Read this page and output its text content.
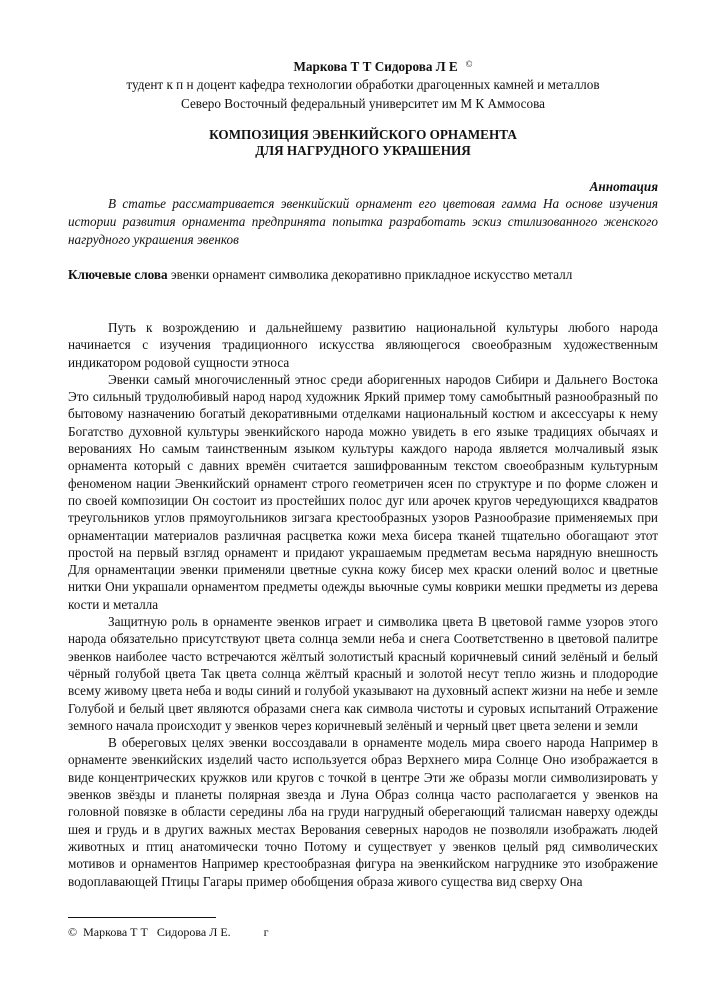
Маркова Т Т Сидорова Л Е ©
тудент к п н доцент кафедра технологии обработки драгоценных камней и металлов
Северо Восточный федеральный университет им М К Аммосова
КОМПОЗИЦИЯ ЭВЕНКИЙСКОГО ОРНАМЕНТА
ДЛЯ НАГРУДНОГО УКРАШЕНИЯ
Аннотация
В статье рассматривается эвенкийский орнамент его цветовая гамма На основе изучения истории развития орнамента предпринята попытка разработать эскиз стилизованного женского нагрудного украшения эвенков
Ключевые слова эвенки орнамент символика декоративно прикладное искусство металл

Путь к возрождению и дальнейшему развитию национальной культуры любого народа начинается с изучения традиционного искусства являющегося своеобразным художественным индикатором родовой сущности этноса

Эвенки самый многочисленный этнос среди аборигенных народов Сибири и Дальнего Востока Это сильный трудолюбивый народ народ художник Яркий пример тому самобытный разнообразный по бытовому назначению богатый декоративными отделками национальный костюм и аксессуары к нему Богатство духовной культуры эвенкийского народа можно увидеть в его языке традициях обычаях и верованиях Но самым таинственным языком культуры каждого народа является молчаливый язык орнамента который с давних времён считается зашифрованным текстом своеобразным культурным феноменом нации Эвенкийский орнамент строго геометричен ясен по структуре и по форме сложен и по своей композиции Он состоит из простейших полос дуг или арочек кругов чередующихся квадратов треугольников углов прямоугольников зигзага крестообразных узоров Разнообразие применяемых при орнаментации материалов различная расцветка кожи меха бисера тканей тщательно обогащают этот простой на первый взгляд орнамент и придают украшаемым предметам весьма нарядную внешность Для орнаментации эвенки применяли цветные сукна кожу бисер мех краски олений волос и цветные нитки Они украшали орнаментом предметы одежды вьючные сумы коврики мешки предметы из дерева кости и металла

Защитную роль в орнаменте эвенков играет и символика цвета В цветовой гамме узоров этого народа обязательно присутствуют цвета солнца земли неба и снега Соответственно в цветовой палитре эвенков наиболее часто встречаются жёлтый золотистый красный коричневый синий зелёный и белый чёрный голубой цвета Так цвета солнца жёлтый красный и золотой несут тепло жизнь и плодородие всему живому цвета неба и воды синий и голубой указывают на духовный аспект жизни на небе и земле Голубой и белый цвет являются образами снега как символа чистоты и суровых испытаний Отражение земного начала происходит у эвенков через коричневый зелёный и черный цвет цвета зелени и земли

В обереговых целях эвенки воссоздавали в орнаменте модель мира своего народа Например в орнаменте эвенкийских изделий часто используется образ Верхнего мира Солнце Оно изображается в виде концентрических кружков или кругов с точкой в центре Эти же образы могли символизировать у эвенков звёзды и планеты полярная звезда и Луна Образ солнца часто располагается у эвенков на головной повязке в области середины лба на груди нагрудный оберегающий талисман наверху одежды шея и грудь и в других важных местах Верования северных народов не позволяли изображать людей животных и птиц анатомически точно Потому и существует у эвенков целый ряд символических мотивов и орнаментов Например крестообразная фигура на эвенкийском нагруднике это изображение водоплавающей Птицы Гагары пример обобщения образа живого существа вид сверху Она

©  Маркова Т Т   Сидорова Л Е.           г
